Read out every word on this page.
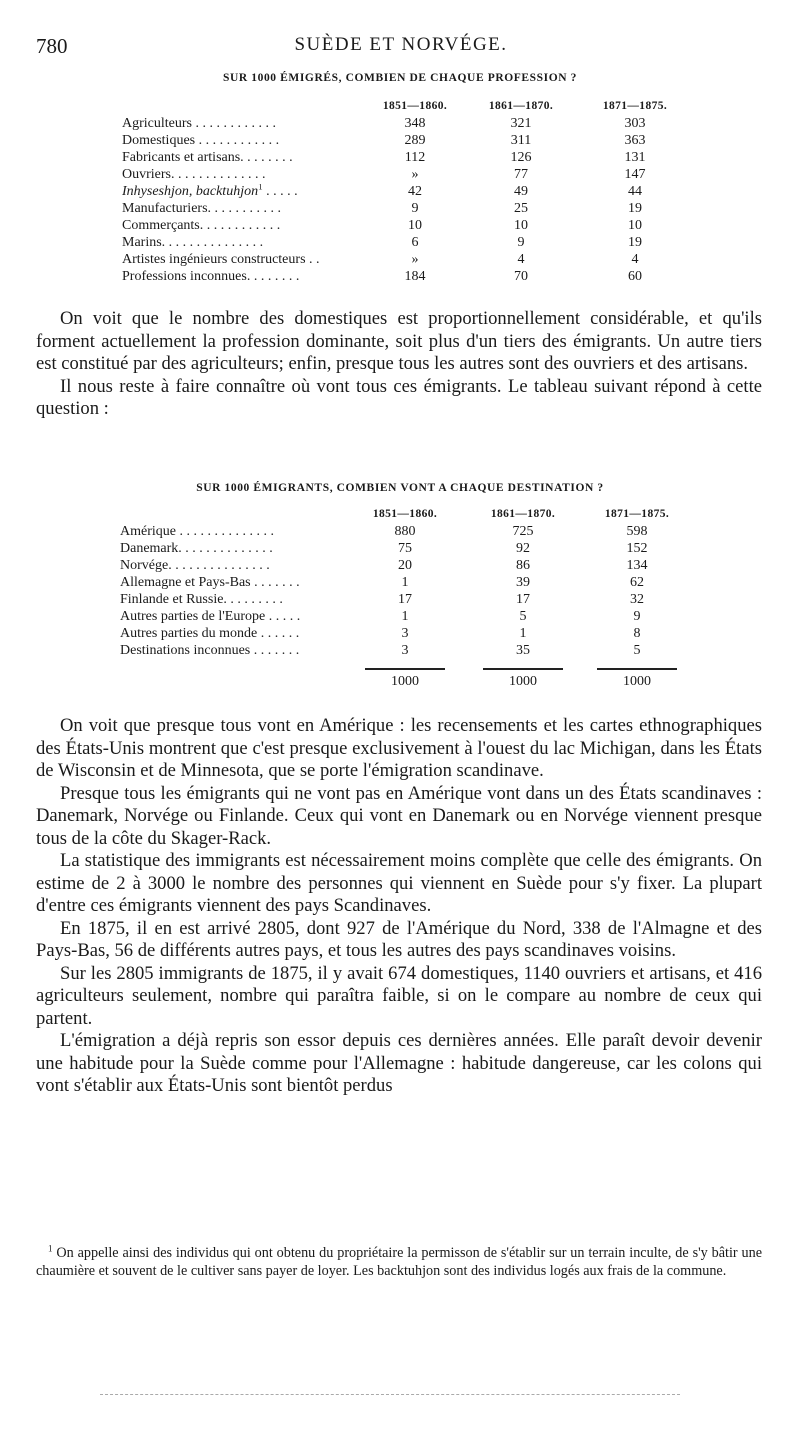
780	SUÈDE ET NORVÉGE.
SUR 1000 ÉMIGRÉS, COMBIEN DE CHAQUE PROFESSION ?
1851—1860.	1861—1870.	1871—1875.
Agriculteurs . . . . . . . . . . . .	348	321	303
Domestiques . . . . . . . . . . . .	289	311	363
Fabricants et artisans. . . . . . . .	112	126	131
Ouvriers. . . . . . . . . . . . . .	»	77	147
Inhyseshjon, backtuhjon$^1$ . . . . .	42	49	44
Manufacturiers. . . . . . . . . . .	9	25	19
Commerçants. . . . . . . . . . . .	10	10	10
Marins. . . . . . . . . . . . . . .	6	9	19
Artistes ingénieurs constructeurs . .	»	4	4
Professions inconnues. . . . . . . .	184	70	60

On voit que le nombre des domestiques est proportionnellement considérable, et qu'ils forment actuellement la profession dominante, soit plus d'un tiers des émigrants. Un autre tiers est constitué par des agriculteurs; enfin, presque tous les autres sont des ouvriers et des artisans.

Il nous reste à faire connaître où vont tous ces émigrants. Le tableau suivant répond à cette question :

SUR 1000 ÉMIGRANTS, COMBIEN VONT A CHAQUE DESTINATION ?
1851—1860.	1861—1870.	1871—1875.
Amérique . . . . . . . . . . . . . .	880	725	598
Danemark. . . . . . . . . . . . . .	75	92	152
Norvége. . . . . . . . . . . . . . .	20	86	134
Allemagne et Pays-Bas . . . . . . .	1	39	62
Finlande et Russie. . . . . . . . .	17	17	32
Autres parties de l'Europe . . . . .	1	5	9
Autres parties du monde . . . . . .	3	1	8
Destinations inconnues . . . . . . .	3	35	5
1000	1000	1000

On voit que presque tous vont en Amérique : les recensements et les cartes ethnographiques des États-Unis montrent que c'est presque exclusivement à l'ouest du lac Michigan, dans les États de Wisconsin et de Minnesota, que se porte l'émigration scandinave.

Presque tous les émigrants qui ne vont pas en Amérique vont dans un des États scandinaves : Danemark, Norvége ou Finlande. Ceux qui vont en Danemark ou en Norvége viennent presque tous de la côte du Skager-Rack.

La statistique des immigrants est nécessairement moins complète que celle des émigrants. On estime de 2 à 3000 le nombre des personnes qui viennent en Suède pour s'y fixer. La plupart d'entre ces émigrants viennent des pays Scandinaves.

En 1875, il en est arrivé 2805, dont 927 de l'Amérique du Nord, 338 de l'Almagne et des Pays-Bas, 56 de différents autres pays, et tous les autres des pays scandinaves voisins.

Sur les 2805 immigrants de 1875, il y avait 674 domestiques, 1140 ouvriers et artisans, et 416 agriculteurs seulement, nombre qui paraîtra faible, si on le compare au nombre de ceux qui partent.

L'émigration a déjà repris son essor depuis ces dernières années. Elle paraît devoir devenir une habitude pour la Suède comme pour l'Allemagne : habitude dangereuse, car les colons qui vont s'établir aux États-Unis sont bientôt perdus

$^1$ On appelle ainsi des individus qui ont obtenu du propriétaire la permisson de s'établir sur un terrain inculte, de s'y bâtir une chaumière et souvent de le cultiver sans payer de loyer. Les backtuhjon sont des individus logés aux frais de la commune.
